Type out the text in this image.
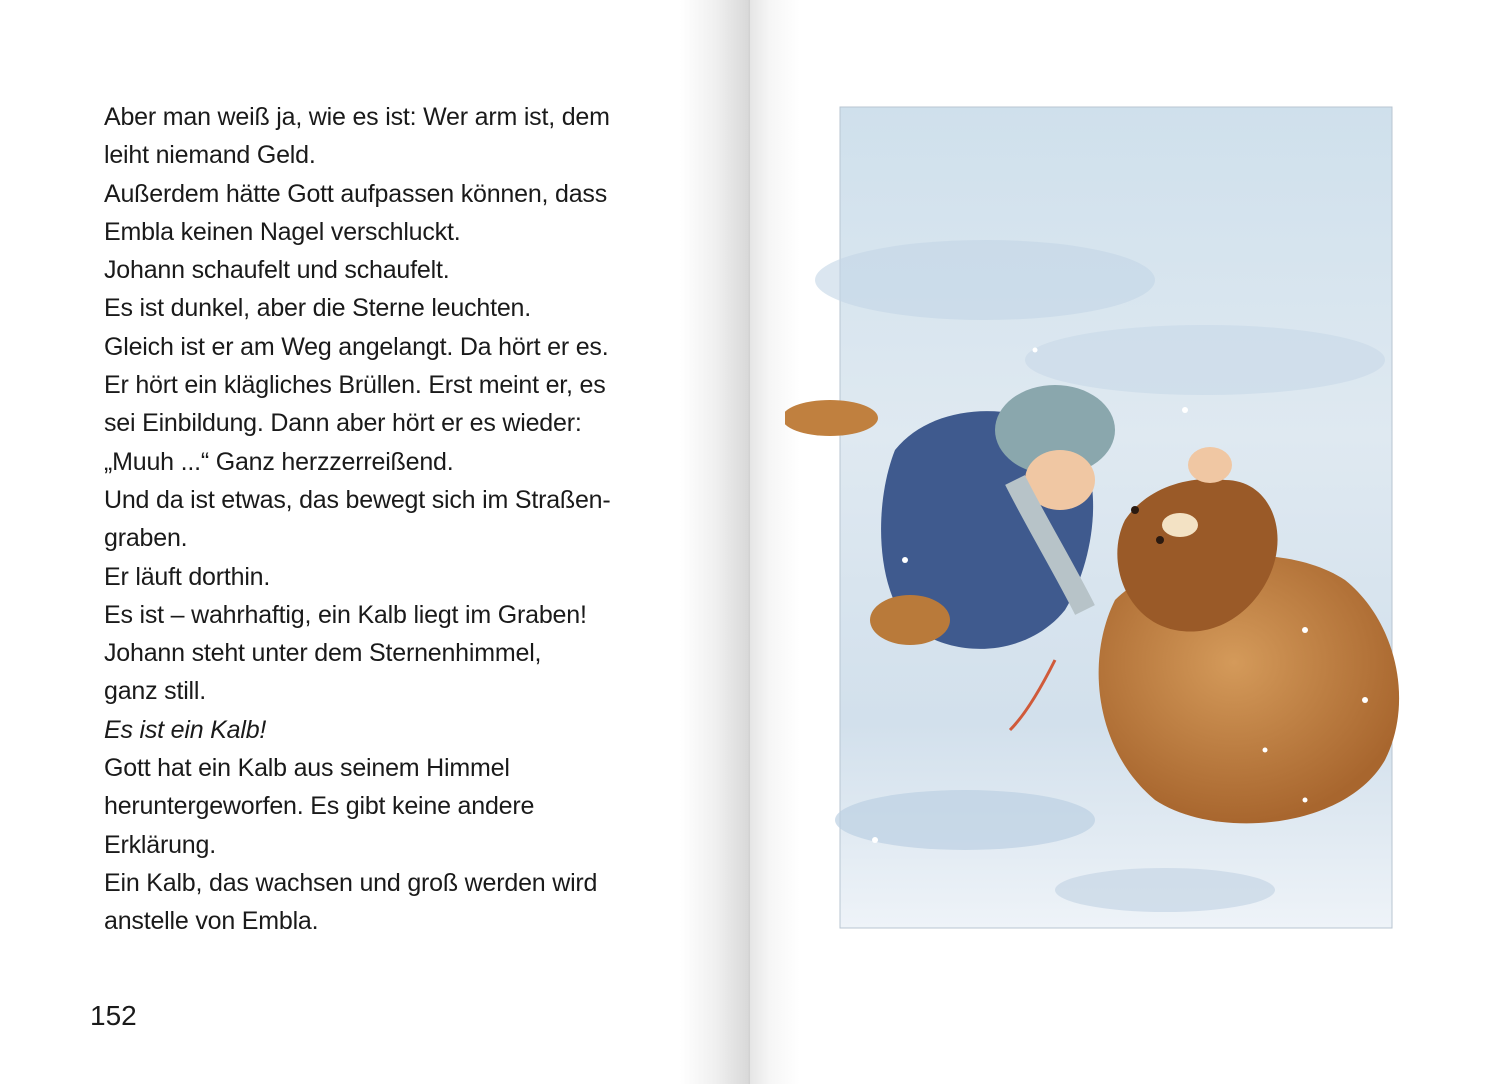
Aber man weiß ja, wie es ist: Wer arm ist, dem
leiht niemand Geld.
Außerdem hätte Gott aufpassen können, dass
Embla keinen Nagel verschluckt.
Johann schaufelt und schaufelt.
Es ist dunkel, aber die Sterne leuchten.
Gleich ist er am Weg angelangt. Da hört er es.
Er hört ein klägliches Brüllen. Erst meint er, es
sei Einbildung. Dann aber hört er es wieder:
„Muuh ...“ Ganz herzzerreißend.
Und da ist etwas, das bewegt sich im Straßen-
graben.
Er läuft dorthin.
Es ist – wahrhaftig, ein Kalb liegt im Graben!
Johann steht unter dem Sternenhimmel,
ganz still.
Es ist ein Kalb!
Gott hat ein Kalb aus seinem Himmel
heruntergeworfen. Es gibt keine andere
Erklärung.
Ein Kalb, das wachsen und groß werden wird
anstelle von Embla.
152
